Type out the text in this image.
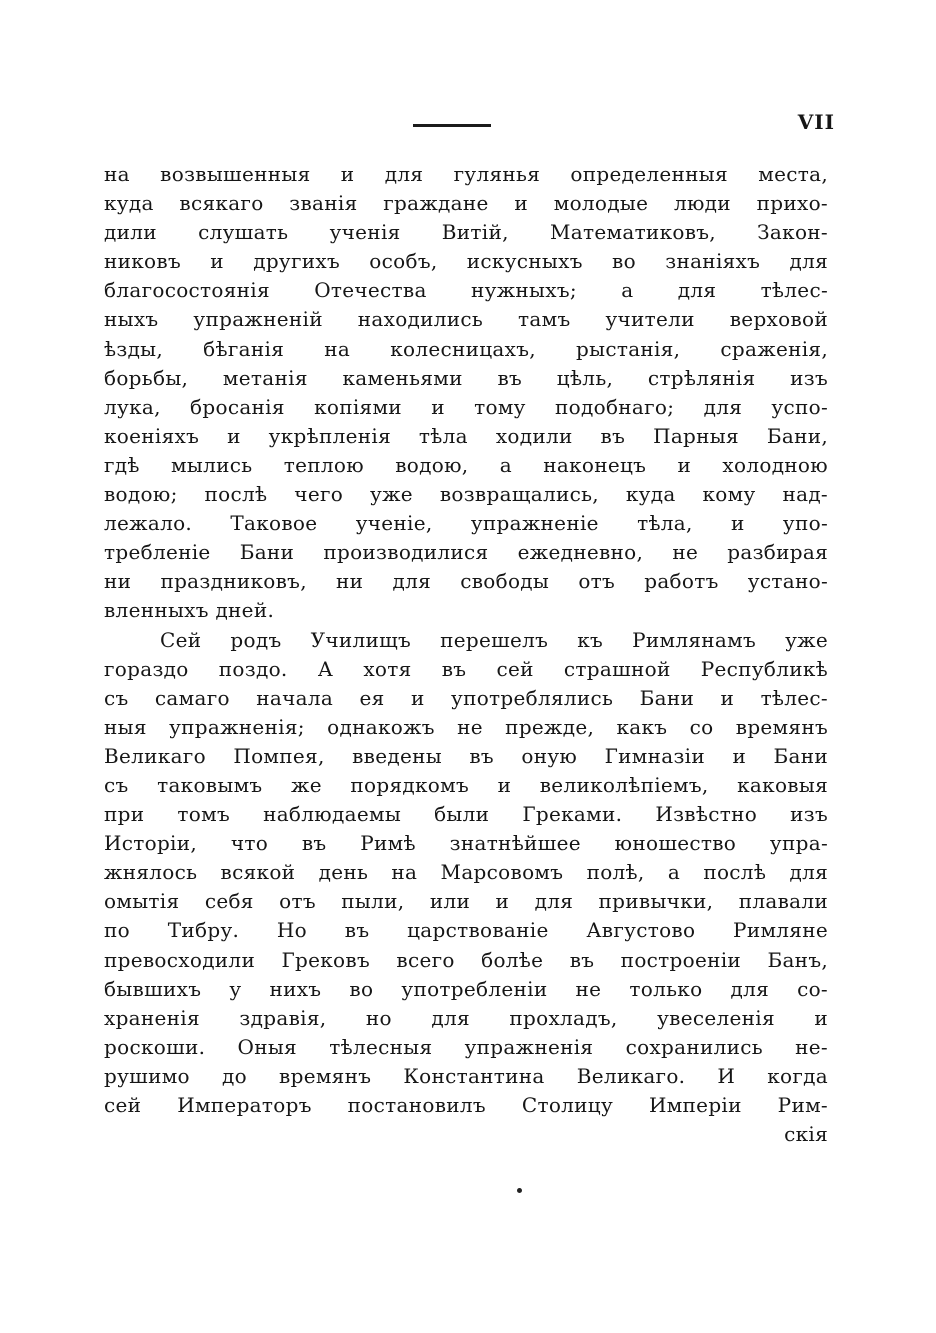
VII
на возвышенныя и для гулянья определенныя места,
куда всякаго званія граждане и молодые люди прихо-
дили слушать ученія Витій, Математиковъ, Закон-
никовъ и другихъ особъ, искусныхъ во знаніяхъ для
благосостоянія Отечества нужныхъ; а для тѣлес-
ныхъ упражненій находились тамъ учители верховой
ѣзды, бѣганія на колесницахъ, рыстанія, сраженія,
борьбы, метанія каменьями въ цѣль, стрѣлянія изъ
лука, бросанія копіями и тому подобнаго; для успо-
коеніяхъ и укрѣпленія тѣла ходили въ Парныя Бани,
гдѣ мылись теплою водою, а наконецъ и холодною
водою; послѣ чего уже возвращались, куда кому над-
лежало. Таковое ученіе, упражненіе тѣла, и упо-
требленіе Бани производилися ежедневно, не разбирая
ни праздниковъ, ни для свободы отъ работъ устано-
вленныхъ дней.
Сей родъ Училищъ перешелъ къ Римлянамъ уже
гораздо поздо. А хотя въ сей страшной Республикѣ
съ самаго начала ея и употреблялись Бани и тѣлес-
ныя упражненія; однакожъ не прежде, какъ со времянъ
Великаго Помпея, введены въ оную Гимназіи и Бани
съ таковымъ же порядкомъ и великолѣпіемъ, каковыя
при томъ наблюдаемы были Греками. Извѣстно изъ
Исторіи, что въ Римѣ знатнѣйшее юношество упра-
жнялось всякой день на Марсовомъ полѣ, а послѣ для
омытія себя отъ пыли, или и для привычки, плавали
по Тибру. Но въ царствованіе Августово Римляне
превосходили Грековъ всего болѣе въ построеніи Банъ,
бывшихъ у нихъ во употребленіи не только для со-
храненія здравія, но для прохладъ, увеселенія и
роскоши. Оныя тѣлесныя упражненія сохранились не-
рушимо до времянъ Константина Великаго. И когда
сей Императоръ постановилъ Столицу Имперіи Рим-
скія
